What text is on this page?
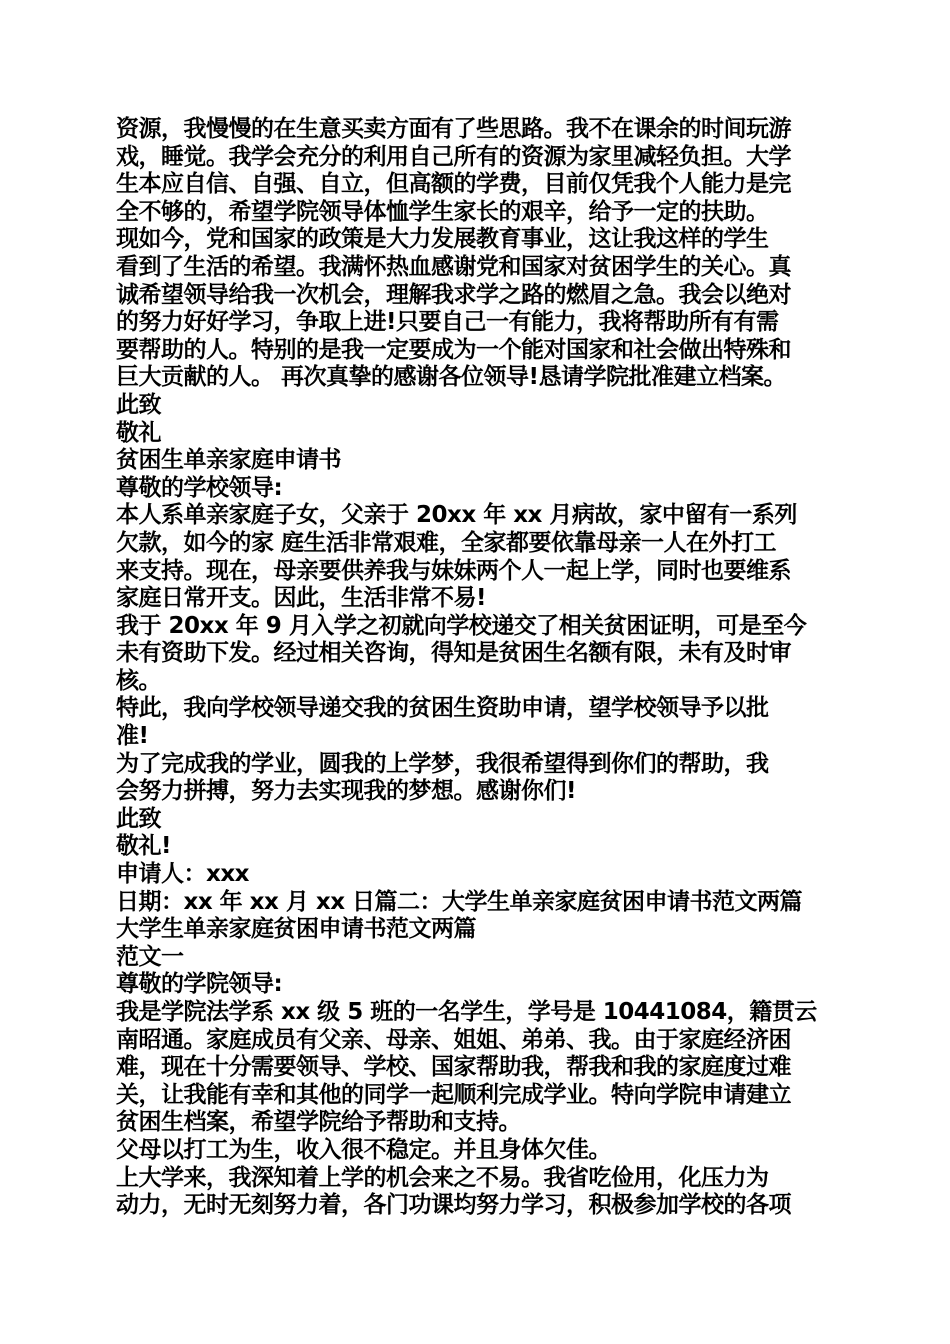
资源，我慢慢的在生意买卖方面有了些思路。我不在课余的时间玩游
戏，睡觉。我学会充分的利用自己所有的资源为家里减轻负担。大学
生本应自信、自强、自立，但高额的学费，目前仅凭我个人能力是完
全不够的，希望学院领导体恤学生家长的艰辛，给予一定的扶助。
现如今，党和国家的政策是大力发展教育事业，这让我这样的学生
看到了生活的希望。我满怀热血感谢党和国家对贫困学生的关心。真
诚希望领导给我一次机会，理解我求学之路的燃眉之急。我会以绝对
的努力好好学习，争取上进!只要自己一有能力，我将帮助所有有需
要帮助的人。特别的是我一定要成为一个能对国家和社会做出特殊和
巨大贡献的人。 再次真挚的感谢各位领导!恳请学院批准建立档案。
此致
敬礼
贫困生单亲家庭申请书
尊敬的学校领导:
本人系单亲家庭子女，父亲于 20xx 年 xx 月病故，家中留有一系列
欠款，如今的家 庭生活非常艰难，全家都要依靠母亲一人在外打工
来支持。现在，母亲要供养我与妹妹两个人一起上学，同时也要维系
家庭日常开支。因此，生活非常不易!
我于 20xx 年 9 月入学之初就向学校递交了相关贫困证明，可是至今
未有资助下发。经过相关咨询，得知是贫困生名额有限，未有及时审
核。
特此，我向学校领导递交我的贫困生资助申请，望学校领导予以批
准!
为了完成我的学业，圆我的上学梦，我很希望得到你们的帮助，我
会努力拼搏，努力去实现我的梦想。感谢你们!
此致
敬礼!
申请人：xxx
日期：xx 年 xx 月 xx 日篇二：大学生单亲家庭贫困申请书范文两篇
大学生单亲家庭贫困申请书范文两篇
范文一
尊敬的学院领导:
我是学院法学系 xx 级 5 班的一名学生，学号是 10441084，籍贯云
南昭通。家庭成员有父亲、母亲、姐姐、弟弟、我。由于家庭经济困
难，现在十分需要领导、学校、国家帮助我，帮我和我的家庭度过难
关，让我能有幸和其他的同学一起顺利完成学业。特向学院申请建立
贫困生档案，希望学院给予帮助和支持。
父母以打工为生，收入很不稳定。并且身体欠佳。
上大学来，我深知着上学的机会来之不易。我省吃俭用，化压力为
动力，无时无刻努力着，各门功课均努力学习，积极参加学校的各项
